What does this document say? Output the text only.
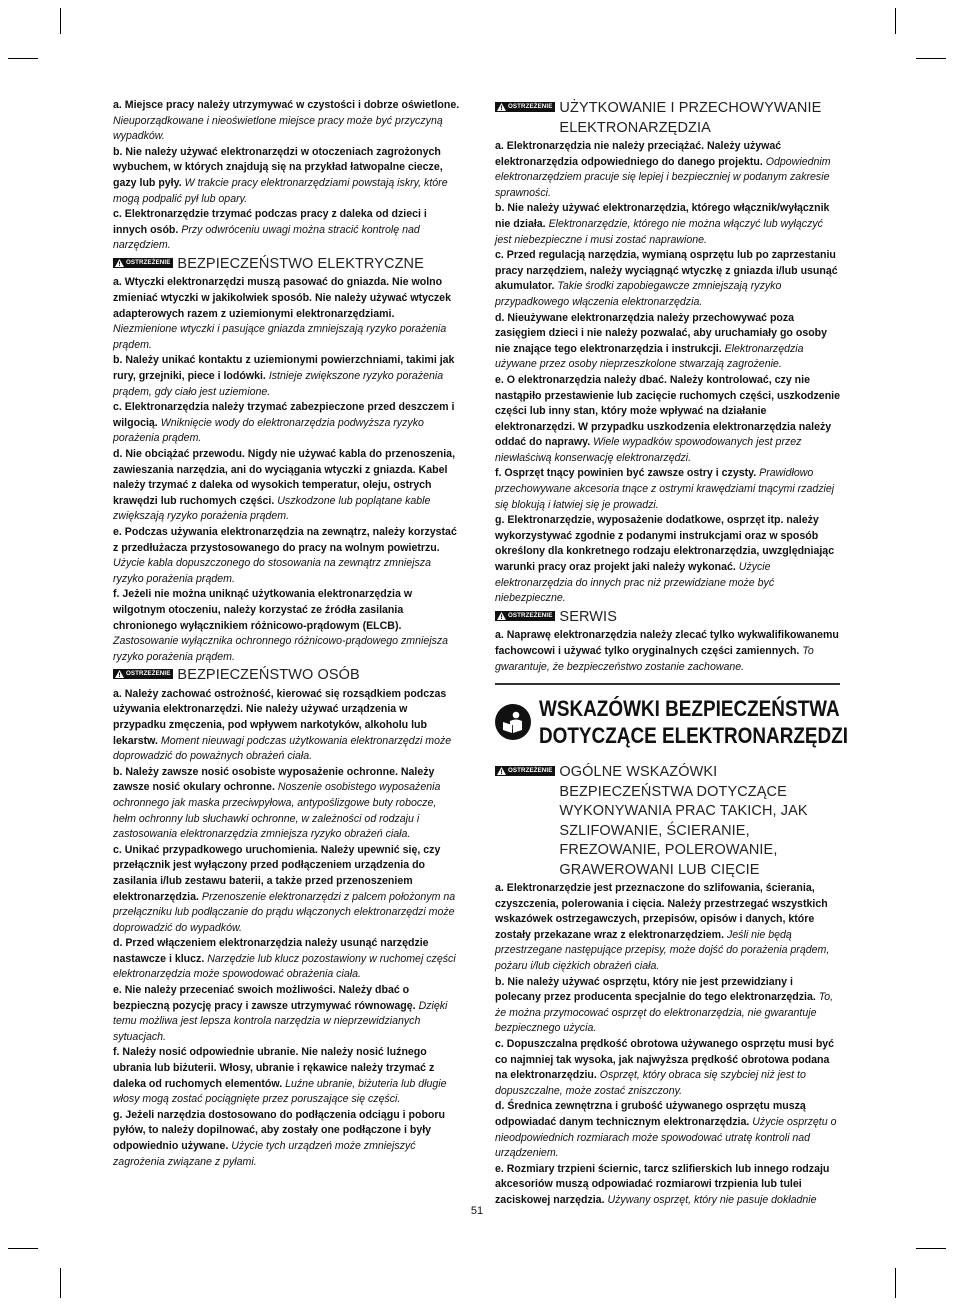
a. Miejsce pracy należy utrzymywać w czystości i dobrze oświetlone. Nieuporządkowane i nieoświetlone miejsce pracy może być przyczyną wypadków.

b. Nie należy używać elektronarzędzi w otoczeniach zagrożonych wybuchem, w których znajdują się na przykład łatwopalne ciecze, gazy lub pyły. W trakcie pracy elektronarzędziami powstają iskry, które mogą podpalić pył lub opary.

c. Elektronarzędzie trzymać podczas pracy z daleka od dzieci i innych osób. Przy odwróceniu uwagi można stracić kontrolę nad narzędziem.

OSTRZEŻENIE BEZPIECZEŃSTWO ELEKTRYCZNE

a. Wtyczki elektronarzędzi muszą pasować do gniazda. Nie wolno zmieniać wtyczki w jakikolwiek sposób. Nie należy używać wtyczek adapterowych razem z uziemionymi elektronarzędziami. Niezmienione wtyczki i pasujące gniazda zmniejszają ryzyko porażenia prądem.

b. Należy unikać kontaktu z uziemionymi powierzchniami, takimi jak rury, grzejniki, piece i lodówki. Istnieje zwiększone ryzyko porażenia prądem, gdy ciało jest uziemione.

c. Elektronarzędzia należy trzymać zabezpieczone przed deszczem i wilgocią. Wniknięcie wody do elektronarzędzia podwyższa ryzyko porażenia prądem.

d. Nie obciążać przewodu. Nigdy nie używać kabla do przenoszenia, zawieszania narzędzia, ani do wyciągania wtyczki z gniazda. Kabel należy trzymać z daleka od wysokich temperatur, oleju, ostrych krawędzi lub ruchomych części. Uszkodzone lub poplątane kable zwiększają ryzyko porażenia prądem.

e. Podczas używania elektronarzędzia na zewnątrz, należy korzystać z przedłużacza przystosowanego do pracy na wolnym powietrzu. Użycie kabla dopuszczonego do stosowania na zewnątrz zmniejsza ryzyko porażenia prądem.

f. Jeżeli nie można uniknąć użytkowania elektronarzędzia w wilgotnym otoczeniu, należy korzystać ze źródła zasilania chronionego wyłącznikiem różnicowo-prądowym (ELCB). Zastosowanie wyłącznika ochronnego różnicowo-prądowego zmniejsza ryzyko porażenia prądem.

OSTRZEŻENIE BEZPIECZEŃSTWO OSÓB

a. Należy zachować ostrożność, kierować się rozsądkiem podczas używania elektronarzędzi. Nie należy używać urządzenia w przypadku zmęczenia, pod wpływem narkotyków, alkoholu lub lekarstw. Moment nieuwagi podczas użytkowania elektronarzędzi może doprowadzić do poważnych obrażeń ciała.

b. Należy zawsze nosić osobiste wyposażenie ochronne. Należy zawsze nosić okulary ochronne. Noszenie osobistego wyposażenia ochronnego jak maska przeciwpyłowa, antypoślizgowe buty robocze, hełm ochronny lub słuchawki ochronne, w zależności od rodzaju i zastosowania elektronarzędzia zmniejsza ryzyko obrażeń ciała.

c. Unikać przypadkowego uruchomienia. Należy upewnić się, czy przełącznik jest wyłączony przed podłączeniem urządzenia do zasilania i/lub zestawu baterii, a także przed przenoszeniem elektronarzędzia. Przenoszenie elektronarzędzi z palcem położonym na przełączniku lub podłączanie do prądu włączonych elektronarzędzi może doprowadzić do wypadków.

d. Przed włączeniem elektronarzędzia należy usunąć narzędzie nastawcze i klucz. Narzędzie lub klucz pozostawiony w ruchomej części elektronarzędzia może spowodować obrażenia ciała.

e. Nie należy przeceniać swoich możliwości. Należy dbać o bezpieczną pozycję pracy i zawsze utrzymywać równowagę. Dzięki temu możliwa jest lepsza kontrola narzędzia w nieprzewidzianych sytuacjach.

f. Należy nosić odpowiednie ubranie. Nie należy nosić luźnego ubrania lub biżuterii. Włosy, ubranie i rękawice należy trzymać z daleka od ruchomych elementów. Luźne ubranie, biżuteria lub długie włosy mogą zostać pociągnięte przez poruszające się części.

g. Jeżeli narzędzia dostosowano do podłączenia odciągu i poboru pyłów, to należy dopilnować, aby zostały one podłączone i były odpowiednio używane. Użycie tych urządzeń może zmniejszyć zagrożenia związane z pyłami.

OSTRZEŻENIE UŻYTKOWANIE I PRZECHOWYWANIE ELEKTRONARZĘDZIA

a. Elektronarzędzia nie należy przeciążać. Należy używać elektronarzędzia odpowiedniego do danego projektu. Odpowiednim elektronarzędziem pracuje się lepiej i bezpieczniej w podanym zakresie sprawności.

b. Nie należy używać elektronarzędzia, którego włącznik/wyłącznik nie działa. Elektronarzędzie, którego nie można włączyć lub wyłączyć jest niebezpieczne i musi zostać naprawione.

c. Przed regulacją narzędzia, wymianą osprzętu lub po zaprzestaniu pracy narzędziem, należy wyciągnąć wtyczkę z gniazda i/lub usunąć akumulator. Takie środki zapobiegawcze zmniejszają ryzyko przypadkowego włączenia elektronarzędzia.

d. Nieużywane elektronarzędzia należy przechowywać poza zasięgiem dzieci i nie należy pozwalać, aby uruchamiały go osoby nie znające tego elektronarzędzia i instrukcji. Elektronarzędzia używane przez osoby nieprzeszkolone stwarzają zagrożenie.

e. O elektronarzędzia należy dbać. Należy kontrolować, czy nie nastąpiło przestawienie lub zacięcie ruchomych części, uszkodzenie części lub inny stan, który może wpływać na działanie elektronarzędzi. W przypadku uszkodzenia elektronarzędzia należy oddać do naprawy. Wiele wypadków spowodowanych jest przez niewłaściwą konserwację elektronarzędzi.

f. Osprzęt tnący powinien być zawsze ostry i czysty. Prawidłowo przechowywane akcesoria tnące z ostrymi krawędziami tnącymi rzadziej się blokują i łatwiej się je prowadzi.

g. Elektronarzędzie, wyposażenie dodatkowe, osprzęt itp. należy wykorzystywać zgodnie z podanymi instrukcjami oraz w sposób określony dla konkretnego rodzaju elektronarzędzia, uwzględniając warunki pracy oraz projekt jaki należy wykonać. Użycie elektronarzędzia do innych prac niż przewidziane może być niebezpieczne.

OSTRZEŻENIE SERWIS

a. Naprawę elektronarzędzia należy zlecać tylko wykwalifikowanemu fachowcowi i używać tylko oryginalnych części zamiennych. To gwarantuje, że bezpieczeństwo zostanie zachowane.

WSKAZÓWKI BEZPIECZEŃSTWA
DOTYCZĄCE ELEKTRONARZĘDZI
OSTRZEŻENIE OGÓLNE WSKAZÓWKI BEZPIECZEŃSTWA DOTYCZĄCE WYKONYWANIA PRAC TAKICH, JAK SZLIFOWANIE, ŚCIERANIE, FREZOWANIE, POLEROWANIE, GRAWEROWANI LUB CIĘCIE

a. Elektronarzędzie jest przeznaczone do szlifowania, ścierania, czyszczenia, polerowania i cięcia. Należy przestrzegać wszystkich wskazówek ostrzegawczych, przepisów, opisów i danych, które zostały przekazane wraz z elektronarzędziem. Jeśli nie będą przestrzegane następujące przepisy, może dojść do porażenia prądem, pożaru i/lub ciężkich obrażeń ciała.

b. Nie należy używać osprzętu, który nie jest przewidziany i polecany przez producenta specjalnie do tego elektronarzędzia. To, że można przymocować osprzęt do elektronarzędzia, nie gwarantuje bezpiecznego użycia.

c. Dopuszczalna prędkość obrotowa używanego osprzętu musi być co najmniej tak wysoka, jak najwyższa prędkość obrotowa podana na elektronarzędziu. Osprzęt, który obraca się szybciej niż jest to dopuszczalne, może zostać zniszczony.

d. Średnica zewnętrzna i grubość używanego osprzętu muszą odpowiadać danym technicznym elektronarzędzia. Użycie osprzętu o nieodpowiednich rozmiarach może spowodować utratę kontroli nad urządzeniem.

e. Rozmiary trzpieni ściernic, tarcz szlifierskich lub innego rodzaju akcesoriów muszą odpowiadać rozmiarowi trzpienia lub tulei zaciskowej narzędzia. Używany osprzęt, który nie pasuje dokładnie

51
